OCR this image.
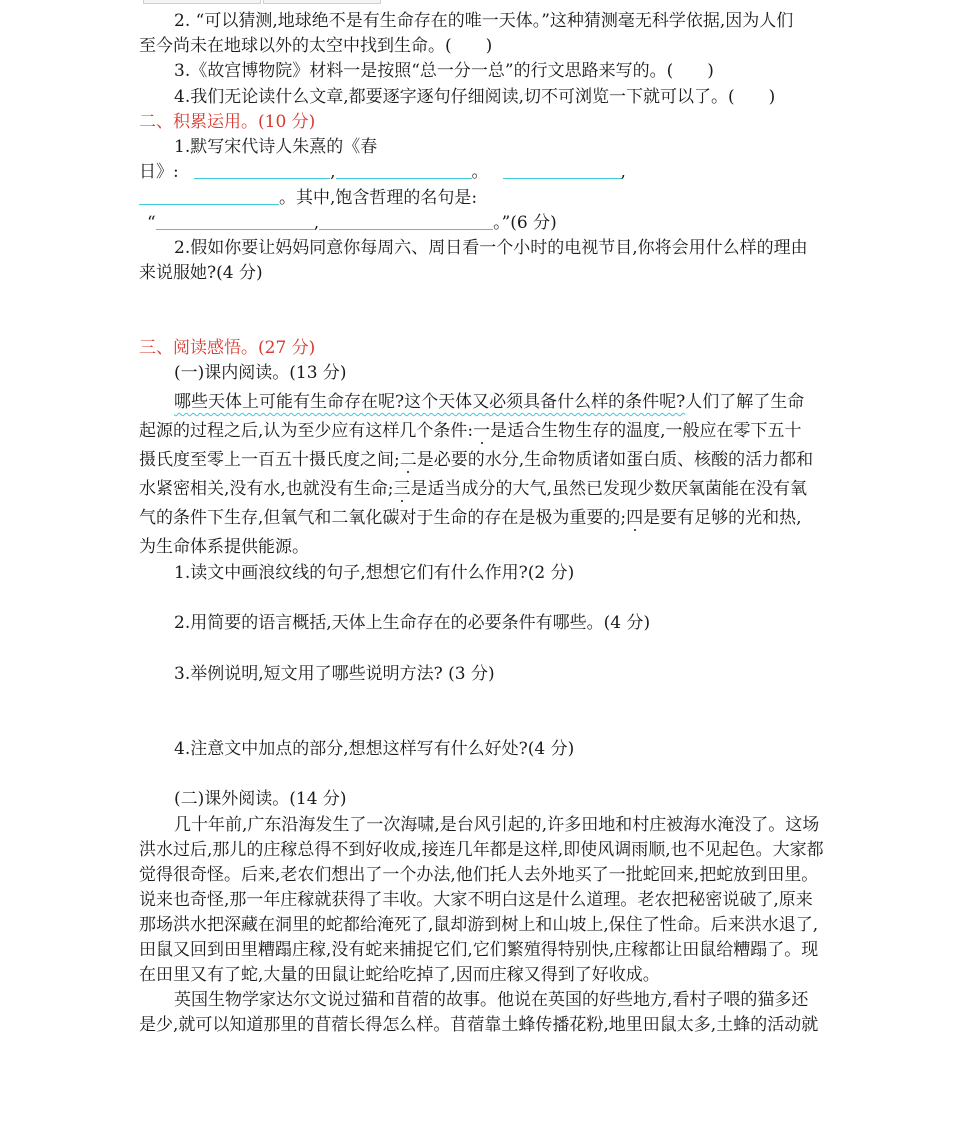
2. “可以猜测,地球绝不是有生命存在的唯一天体。”这种猜测毫无科学依据,因为人们
至今尚未在地球以外的太空中找到生命。(　　)
3.《故宫博物院》材料一是按照“总一分一总”的行文思路来写的。(　　)
4.我们无论读什么文章,都要逐字逐句仔细阅读,切不可浏览一下就可以了。(　　)
二、积累运用。(10 分)
1.默写宋代诗人朱熹的《春
日》:	,	。	,
。其中,饱含哲理的名句是:
“	,	。”(6 分)
2.假如你要让妈妈同意你每周六、周日看一个小时的电视节目,你将会用什么样的理由
来说服她?(4 分)
三、阅读感悟。(27 分)
(一)课内阅读。(13 分)
哪些天体上可能有生命存在呢?这个天体又必须具备什么样的条件呢?人们了解了生命
起源的过程之后,认为至少应有这样几个条件:一是适合生物生存的温度,一般应在零下五十
摄氏度至零上一百五十摄氏度之间;二是必要的水分,生命物质诸如蛋白质、核酸的活力都和
水紧密相关,没有水,也就没有生命;三是适当成分的大气,虽然已发现少数厌氧菌能在没有氧
气的条件下生存,但氧气和二氧化碳对于生命的存在是极为重要的;四是要有足够的光和热,
为生命体系提供能源。
1.读文中画浪纹线的句子,想想它们有什么作用?(2 分)
2.用简要的语言概括,天体上生命存在的必要条件有哪些。(4 分)
3.举例说明,短文用了哪些说明方法? (3 分)
4.注意文中加点的部分,想想这样写有什么好处?(4 分)
(二)课外阅读。(14 分)
几十年前,广东沿海发生了一次海啸,是台风引起的,许多田地和村庄被海水淹没了。这场
洪水过后,那儿的庄稼总得不到好收成,接连几年都是这样,即使风调雨顺,也不见起色。大家都
觉得很奇怪。后来,老农们想出了一个办法,他们托人去外地买了一批蛇回来,把蛇放到田里。
说来也奇怪,那一年庄稼就获得了丰收。大家不明白这是什么道理。老农把秘密说破了,原来
那场洪水把深藏在洞里的蛇都给淹死了,鼠却游到树上和山坡上,保住了性命。后来洪水退了,
田鼠又回到田里糟蹋庄稼,没有蛇来捕捉它们,它们繁殖得特别快,庄稼都让田鼠给糟蹋了。现
在田里又有了蛇,大量的田鼠让蛇给吃掉了,因而庄稼又得到了好收成。
英国生物学家达尔文说过猫和苜蓿的故事。他说在英国的好些地方,看村子喂的猫多还
是少,就可以知道那里的苜蓿长得怎么样。苜蓿靠土蜂传播花粉,地里田鼠太多,土蜂的活动就
